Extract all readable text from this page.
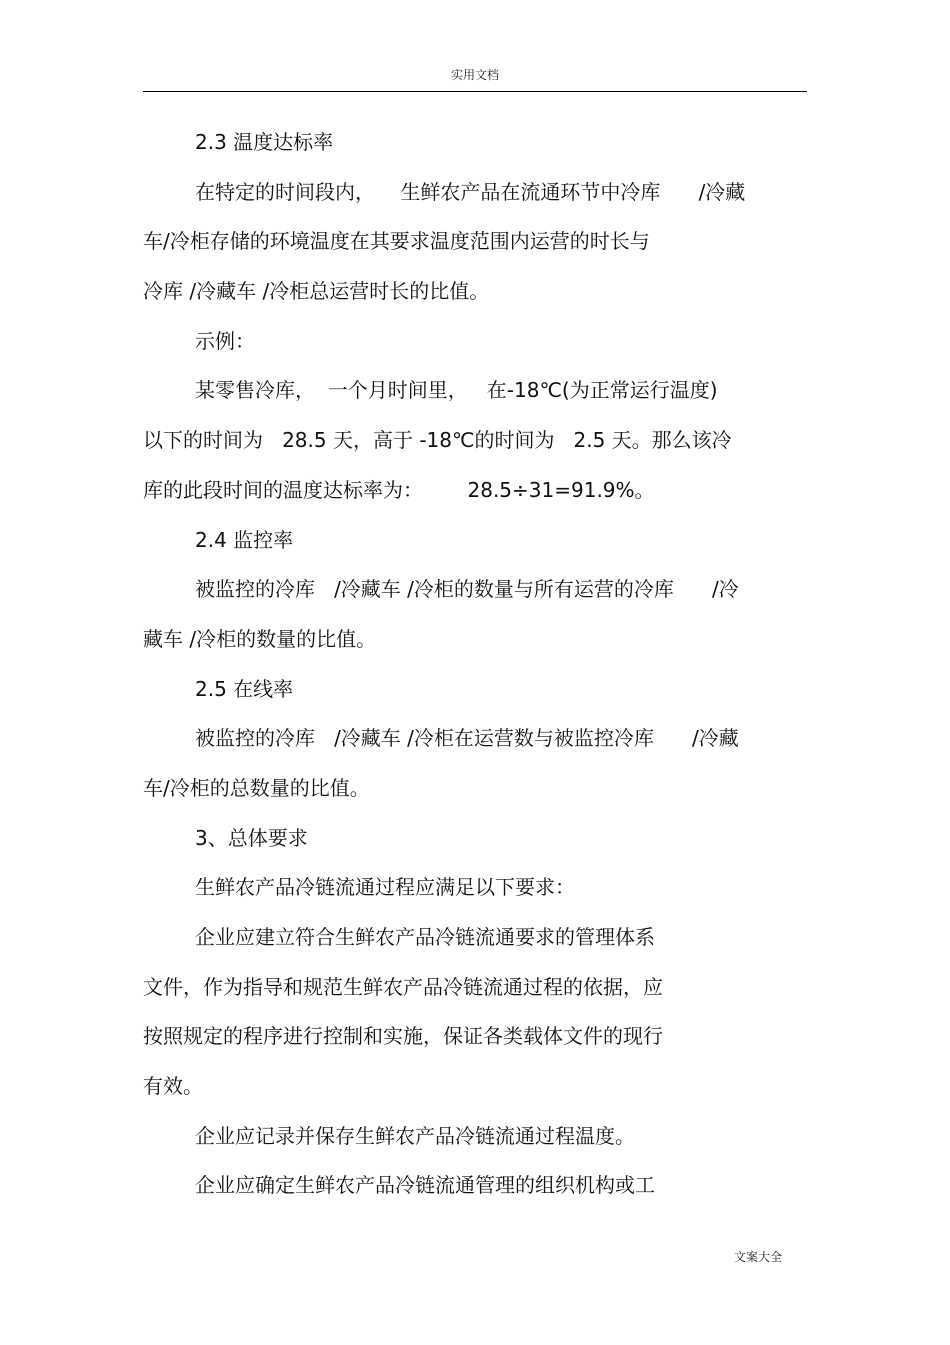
实用文档
2.3 温度达标率
在特定的时间段内，    生鲜农产品在流通环节中冷库      /冷藏
车/冷柜存储的环境温度在其要求温度范围内运营的时长与
冷库 /冷藏车 /冷柜总运营时长的比值。
示例：
某零售冷库，  一个月时间里，   在-18℃(为正常运行温度)
以下的时间为   28.5 天，高于 -18℃的时间为   2.5 天。那么该冷
库的此段时间的温度达标率为：       28.5÷31=91.9%。
2.4 监控率
被监控的冷库   /冷藏车 /冷柜的数量与所有运营的冷库      /冷
藏车 /冷柜的数量的比值。
2.5 在线率
被监控的冷库   /冷藏车 /冷柜在运营数与被监控冷库      /冷藏
车/冷柜的总数量的比值。
3、总体要求
生鲜农产品冷链流通过程应满足以下要求：
企业应建立符合生鲜农产品冷链流通要求的管理体系
文件，作为指导和规范生鲜农产品冷链流通过程的依据，应
按照规定的程序进行控制和实施，保证各类载体文件的现行
有效。
企业应记录并保存生鲜农产品冷链流通过程温度。
企业应确定生鲜农产品冷链流通管理的组织机构或工
文案大全
